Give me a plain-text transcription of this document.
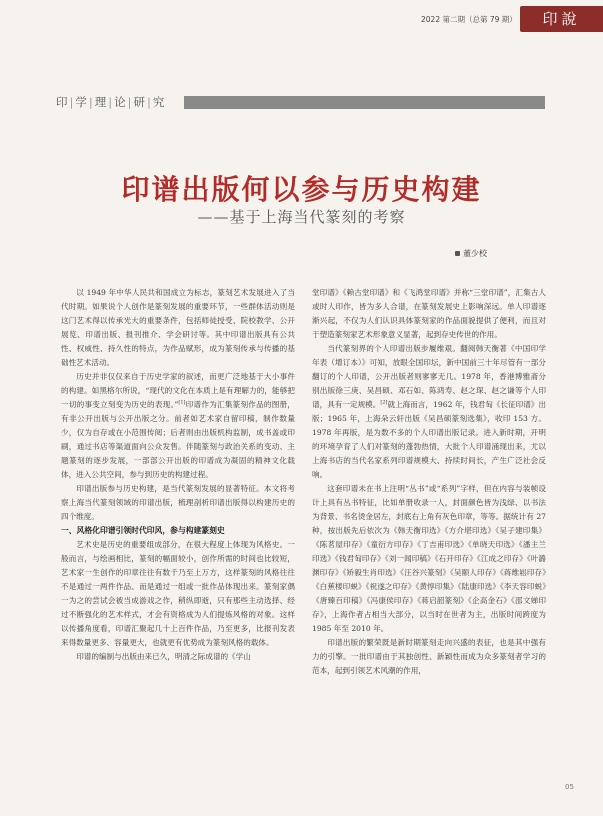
2022 第二期（总第 79 期）	印說
印|学|理|论|研|究
印谱出版何以参与历史构建
——基于上海当代篆刻的考察
董少校

以 1949 年中华人民共和国成立为标志，篆刻艺术发展进入了当代时期。如果说个人创作是篆刻发展的重要环节，一些群体活动则是这门艺术得以传承光大的重要条件，包括师徒授受、院校教学、公开展览、印谱出版、报刊推介、学会研讨等。其中印谱出版具有公共性、权威性、持久性的特点，为作品赋形，成为篆刻传承与传播的基础性艺术活动。

历史并非仅仅来自于历史学家的叙述，而更广泛地基于大小事件的构建。如黑格尔所说，“现代的文化在本质上是有理解力的，能够把一切的事变立刻变为历史的表现。”[1]印谱作为汇集篆刻作品的图册，有非公开出版与公开出版之分。前者如艺术家自留印稿，制作数量少，仅为自存或在小范围传阅；后者则由出版机构监制，成书盖或印刷，通过书店等渠道面向公众发售。伴随篆刻与政治关系的变动、主题篆刻的逐步发展，一部部公开出版的印谱成为凝固的精神文化载体，进入公共空间，参与到历史的构建过程。

印谱出版参与历史构建，是当代篆刻发展的显著特征。本文将考察上海当代篆刻领域的印谱出版，梳理剖析印谱出版得以构建历史的四个维度。

一、风格化印谱引领时代印风，参与构建篆刻史

艺术史是历史的重要组成部分，在很大程度上体现为风格史。一般而言，与绘画相比，篆刻的幅面较小，创作所需的时间也比较短，艺术家一生创作的印章往往有数千乃至上万方，这样篆刻的风格往往不是通过一两件作品、而是通过一组或一批作品体现出来。篆刻家偶一为之的尝试会被当成游戏之作，稍纵即逝，只有那些主动选择、经过不断强化的艺术样式，才会有资格成为人们提炼风格的对象。这样以传播角度看，印谱汇聚起几十上百件作品，乃至更多，比报刊发表来得数量更多、容量更大，也就更有优势成为篆刻风格的载体。

印谱的编制与出版由来已久，明清之际成谱的《学山

堂印谱》《赖古堂印谱》和《飞鸿堂印谱》并称“三堂印谱”，汇集古人或时人印作，皆为多人合谱，在篆刻发展史上影响深远。单人印谱逐渐兴起，不仅为人们认识具体篆刻家的作品面貌提供了便利，而且对于塑造篆刻家艺术形象意义显著，起到存史传世的作用。

当代篆刻界的个人印谱出版步履维艰。翻阅韩天衡著《中国印学年表（增订本）》可知，放眼全国印坛，新中国前三十年尽管有一部分翻订的个人印谱，公开出版者则寥寥无几。1978 年，香港博雅斋分别出版徐三庚、吴昌硕、邓石如、陈鸿寿、赵之琛、赵之谦等个人印谱，具有一定规模。[2]就上海而言，1962 年，钱君匋《长征印谱》出版；1965 年，上海朵云轩出版《吴昌硕篆刻选集》，收印 153 方。1978 年再版，是为数不多的个人印谱出版记录。进入新时期，开明的环境孕育了人们对篆刻的蓬勃热情，大批个人印谱涌现出来，尤以上海书店的当代名家系列印谱规模大、持续时间长，产生广泛社会反响。

这套印谱未在书上注明“丛书”或“系列”字样，但在内容与装帧设计上具有丛书特征，比如单册收录一人，封面颜色皆为浅绿、以书法为背景、书名烫金居左，封底右上角有灰色印章，等等。据统计有 27 种，按出版先后依次为《韩天衡印选》《方介堪印选》《吴子建印集》《陈茗屋印存》《童衍方印存》《丁吉甫印选》《单晓天印选》《潘主兰印选》《钱君匋印存》《刘一闻印稿》《石开印存》《江成之印存》《叶潞渊印存》《矫毅生肖印选》《汪谷兴篆刻》《吴颐人印存》《蒋维崧印存》《白蕉楼印蜕》《祝遂之印存》《黄惇印集》《陆康印选》《李天容印蜕》《唐臻百印稿》《冯康侯印存》《蒋启韶篆刻》《企高金石》《邵文娣印存》，上海作者占相当大部分，以当时在世者为主，出版时间跨度为 1985 年至 2010 年。

印谱出版的繁荣既是新时期篆刻走向兴盛的表征，也是其中强有力的引擎。一批印谱由于其独创性、新颖性而成为众多篆刻者学习的范本，起到引领艺术风潮的作用，

05
